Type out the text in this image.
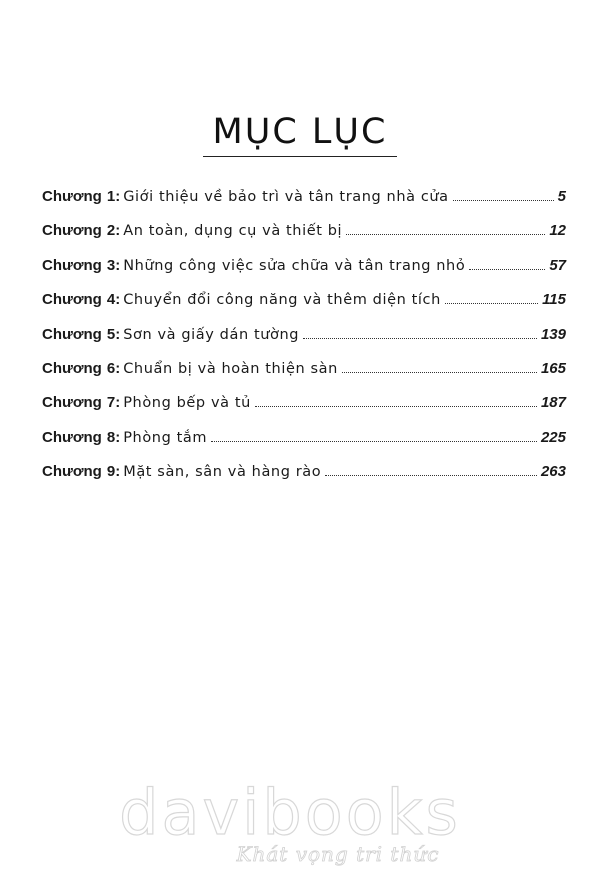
MỤC LỤC
Chương 1 : Giới thiệu về bảo trì và tân trang nhà cửa	5
Chương 2 : An toàn, dụng cụ và thiết bị	12
Chương 3 : Những công việc sửa chữa và tân trang nhỏ	57
Chương 4 : Chuyển đổi công năng và thêm diện tích	115
Chương 5 : Sơn và giấy dán tường	139
Chương 6 : Chuẩn bị và hoàn thiện sàn	165
Chương 7 : Phòng bếp và tủ	187
Chương 8 : Phòng tắm	225
Chương 9 : Mặt sàn, sân và hàng rào	263
davibooks
Khát vọng tri thức
